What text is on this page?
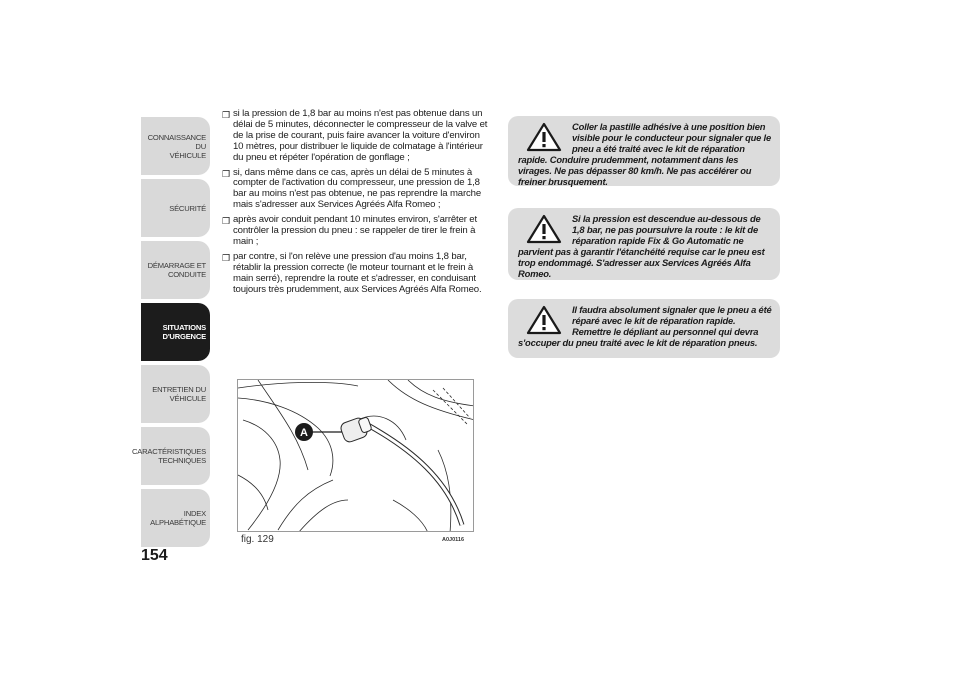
CONNAISSANCE DU
VÉHICULE
SÉCURITÉ
DÉMARRAGE ET
CONDUITE
SITUATIONS
D'URGENCE
ENTRETIEN DU
VÉHICULE
CARACTÉRISTIQUES
TECHNIQUES
INDEX
ALPHABÉTIQUE
154
❒ si la pression de 1,8 bar au moins n'est pas obtenue dans un délai de 5 minutes, déconnecter le compresseur de la valve et de la prise de courant, puis faire avancer la voiture d'environ 10 mètres, pour distribuer le liquide de colmatage à l'intérieur du pneu et répéter l'opération de gonflage ;
❒ si, dans même dans ce cas, après un délai de 5 minutes à compter de l'activation du compresseur, une pression de 1,8 bar au moins n'est pas obtenue, ne pas reprendre la marche mais s'adresser aux Services Agréés Alfa Romeo ;
❒ après avoir conduit pendant 10 minutes environ, s'arrêter et contrôler la pression du pneu : se rappeler de tirer le frein à main ;
❒ par contre, si l'on relève une pression d'au moins 1,8 bar, rétablir la pression correcte (le moteur tournant et le frein à main serré), reprendre la route et s'adresser, en conduisant toujours très prudemment, aux Services Agréés Alfa Romeo.
A
fig. 129	A0J0116
Coller la pastille adhésive à une position bien visible pour le conducteur pour signaler que le pneu a été traité avec le kit de réparation rapide. Conduire prudemment, notamment dans les virages. Ne pas dépasser 80 km/h. Ne pas accélérer ou freiner brusquement.
Si la pression est descendue au-dessous de 1,8 bar, ne pas poursuivre la route : le kit de réparation rapide Fix & Go Automatic ne parvient pas à garantir l'étanchéité requise car le pneu est trop endommagé. S'adresser aux Services Agréés Alfa Romeo.
Il faudra absolument signaler que le pneu a été réparé avec le kit de réparation rapide. Remettre le dépliant au personnel qui devra s'occuper du pneu traité avec le kit de réparation pneus.
